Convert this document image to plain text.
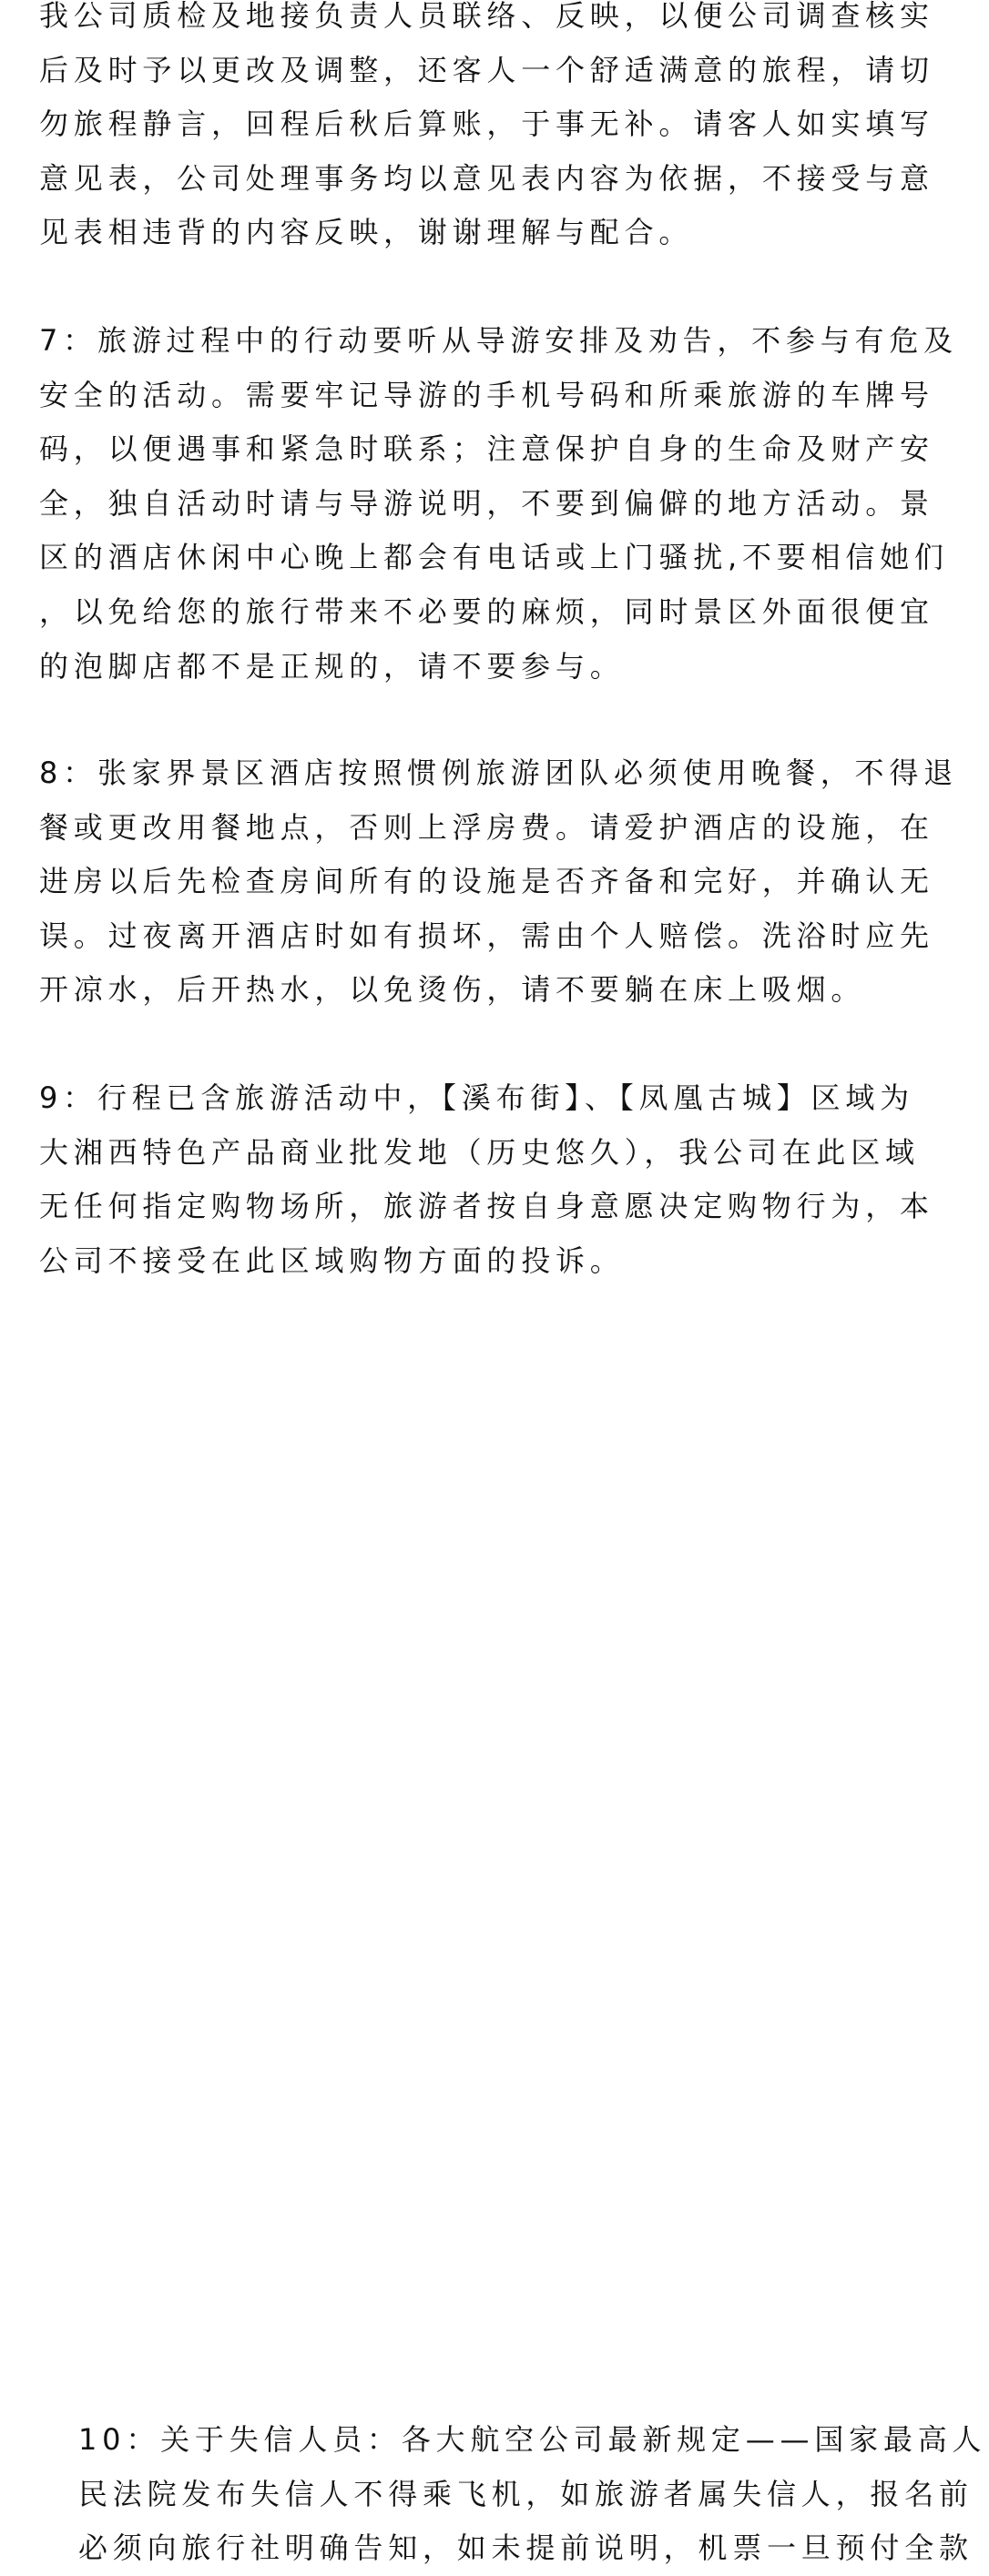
我公司质检及地接负责人员联络、反映，以便公司调查核实
后及时予以更改及调整，还客人一个舒适满意的旅程，请切
勿旅程静言，回程后秋后算账，于事无补。请客人如实填写
意见表，公司处理事务均以意见表内容为依据，不接受与意
见表相违背的内容反映，谢谢理解与配合。
7：旅游过程中的行动要听从导游安排及劝告，不参与有危及
安全的活动。需要牢记导游的手机号码和所乘旅游的车牌号
码，以便遇事和紧急时联系；注意保护自身的生命及财产安
全，独自活动时请与导游说明，不要到偏僻的地方活动。景
区的酒店休闲中心晚上都会有电话或上门骚扰,不要相信她们
，以免给您的旅行带来不必要的麻烦，同时景区外面很便宜
的泡脚店都不是正规的，请不要参与。
8：张家界景区酒店按照惯例旅游团队必须使用晚餐，不得退
餐或更改用餐地点，否则上浮房费。请爱护酒店的设施，在
进房以后先检查房间所有的设施是否齐备和完好，并确认无
误。过夜离开酒店时如有损坏，需由个人赔偿。洗浴时应先
开凉水，后开热水，以免烫伤，请不要躺在床上吸烟。
9：行程已含旅游活动中，【溪布街】、【凤凰古城】区域为
大湘西特色产品商业批发地（历史悠久），我公司在此区域
无任何指定购物场所，旅游者按自身意愿决定购物行为，本
公司不接受在此区域购物方面的投诉。
10：关于失信人员：各大航空公司最新规定——国家最高人
民法院发布失信人不得乘飞机，如旅游者属失信人，报名前
必须向旅行社明确告知，如未提前说明，机票一旦预付全款
